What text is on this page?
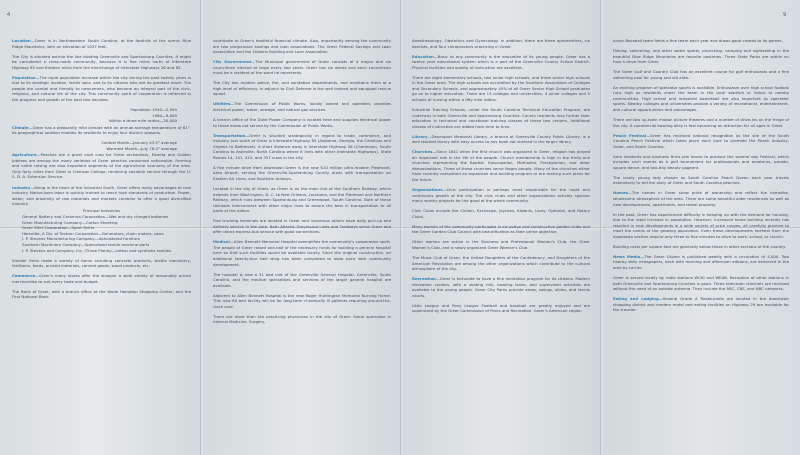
4	9

Location—Greer is in Northwestern South Carolina, at the foothills of the scenic Blue Ridge Mountains, with an elevation of 1037 feet.

The City is situated astride the line dividing Greenville and Spartanburg Counties. It might be considered a cross-roads community, because it is five miles north of Interstate Highway 85 and thirteen miles from the interchange of Interstate Highways 26 and 85.

Population—The rapid population increase within the city during the past twenty years is due to its strategic location, fertile soils, and to its citizens who are its greatest asset. The people are cordial and friendly to newcomers, who become an integral part of the civic, religious, and cultural life of the city. This community spirit of cooperation is reflected in the progress and growth of the past two decades.

Population 1940—2,940
1960—9,000
Within a three mile radius—20,000

Climate—Greer has a pleasantly mild climate with an annual average temperature of 61°. Its geographical location enables its residents to enjoy four distinct seasons.

Coldest Month—January 43.5° average
Warmest Month—July 78.4° average

Agriculture—Peaches are a great cash crop for Greer orchardists. Elberta and Golden Jubilees are among the many varieties of Greer peaches consumed nationwide. Farming and cattle raising are also important segments of the agricultural economy of the area. Only forty miles from Greer is Clemson College, rendering valuable service through the U. S. D. A. Extension Service.

Industry—Being in the heart of the Industrial South, Greer offers many advantages to new industry. Native-born labor is quickly trained to reach high standards of production. Power, water, and proximity of raw materials and markets combine to offer a good diversified industry.

Principal Industries

General Battery and Ceramics Corporation—Wet and dry charged batteries
Greer Manufacturing Company—Cotton Sheeting
Greer Shirt Corporation—Sport Shirts
Homelite, A Div. of Textron Corporation—Generators, chain motors, saws
J. P. Stevens Manufacturing Company—Upholstered furniture
Southern Machinery Company—Specialized textile machine parts
J. P. Stevens and Company, Inc. (Three Plants)—cotton and synthetic textiles

Smaller firms make a variety of items including concrete products, textile machinery, fertilizers, feeds, printed materials, canned goods, wood products, etc.

Commerce—Greer's many stores offer the shopper a wide variety of reasonably priced merchandise to suit every taste and budget.

The Bank of Greer, with a branch office at the Wade Hampton Shopping Center, and the First National Bank

contribute to Greer's healthful financial climate. Also, importantly serving the community are two progressive savings and loan associations. The Greer Federal Savings and Loan Association and the Citizens Building and Loan Association.

City Government—The Municipal government of Greer consists of a mayor and six councilmen elected at large every two years. Greer has six wards and each councilman must be a resident of the ward he represents.

The City has modern police, fire, and sanitation departments, and maintains them at a high level of efficiency. In adjunct to Civil Defense is the well trained and equipped rescue squad.

Utilities—The Commission of Public Works, locally owned and operated, provides electrical power, water, sewage, and natural gas services.

A branch office of the Duke Power Company is located here and supplies electrical power to those areas not served by the Commission of Public Works.

Transportation—Greer is situated strategically in regard to trade, commerce, and industry. Just south of Greer is Interstate Highway 85 (Alabama, Georgia, the Carolinas and Virginia to Baltimore). A short distance away is Interstate Highway 26 (Charleston, South Carolina to Asheville, North Carolina where it links with other Interstate Highways). State Routes 14, 101, 415, and 357 cross in the city.

A five minute drive from downtown Greer is the new $10 million ultra-modern Piedmont-Area Airport, serving the Greenville-Spartanburg County areas with transportation on Eastern Air Lines, and Southern Airways.

Located in the city of Greer, as Greer is on the main line of the Southern Railway, which extends from Washington, D. C. to New Orleans, Louisiana, and the Piedmont and Northern Railway, which runs between Spartanburg and Greenwood, South Carolina. Both of these railroads interconnect with other major lines to assure the best in transportation to all parts of the nation.

Five trucking terminals are located in Greer and numerous others have daily pick-up and delivery service in the area. Both Atlantic Greyhound Lines and Trailways serve Greer and offer direct express bus service with good connections.

Medical—Allen Bennett Memorial Hospital exemplifies the community's cooperative spirit. The people of Greer raised one-half of the necessary funds for building a general hospital here so that such facilities would be available locally. Since the original construction, an additional twenty-four bed wing has been completed to keep pace with community development.

The hospital is now a 51 bed unit of the Greenville General Hospital, Greenville, South Carolina, and the medical specialities and services of the larger general hospital are available.

Adjacent to Allen Bennett Hospital is the new Roger Huntington Memorial Nursing Home. This new 60 bed facility will be for long-term chronically ill patients requiring around-the-clock care.

There are more than ten practicing physicians in the city of Greer. Some specialize in internal Medicine, Surgery,

Anesthesiology, Obstetrics and Gynecology. In addition, there are three optometrists, six dentists, and four chiropractors practicing in Greer.

Education—Basic to any community is the education of its young people. Greer has a twelve year educational system which is a part of the Greenville County School District. Physical facilities and quality of instruction are excellent.

There are eight elementary schools, two junior high schools, and three senior high schools in the Greer area. The high schools are accredited by the Southern Association of Colleges and Secondary Schools, and approximately 45% of all Greer Senior High School graduates go on to higher education. There are 13 colleges and universities, 4 junior colleges and 5 schools of nursing within a fifty mile radius.

Industrial Training Schools, under the South Carolina Technical Education Program, are underway in both Greenville and Spartanburg Counties. County residents may further their education in technical and vocational training classes at these two centers. Additional classes of instruction are added from time to time.

Library—Davenport Memorial Library, a branch of Greenville County Public Library, is a well stocked library with easy access to any book not shelved in the larger library.

Churches—Since 1841 when the first church was organized in Greer, religion has played an important role in the life of the people. Church membership is high in the thirty-one churches representing the Baptist, Episcopalian, Methodist, Presbyterian, and other denominations. Three of these churches serve Negro people. Many of the churches either have recently completed an expansion and building program or are making such plans for the future.

Organizations—Civic participation is perhaps most responsible for the rapid and continuous growth of the city. The civic clubs and other organizations actively sponsor many worthy projects for the good of the whole community.

Civic Clubs include the Civitan, Exchange, Jaycees, Kiwanis, Lions, Optimist, and Rotary Clubs.

Many women of the community participate in six active and constructive garden clubs and the Greer Garden Club Council with beautification as their prime objective.

Other women are active in the Business and Professional Women's Club, the Greer Women's Club, and a newly organized Greer Woman's Club.

The Music Club of Greer, the United Daughters of the Confederacy, and Daughters of the American Revolution are among the other organizations which contribute to the cultural atmosphere of the city.

Recreation—Greer is fortunate to have a fine recreation program for its citizens. Modern recreation centers, with a skating rink, bowling lanes, and supervised activities are available to the young people. Greer City Parks provide areas, swings, slides, and tennis courts.

Little League and Pony League Football and baseball are greatly enjoyed and are supervised by the Greer Commission of Parks and Recreation. Greer's American Legion

Junior Baseball team fields a fine team each year and draws good crowds to its games.

Fishing, swimming, and other water sports, picnicking, camping and sightseeing in the beautiful Blue Ridge Mountains are favorite pastimes. Three State Parks are within an hour's drive from Greer.

The Greer Golf and Country Club has an excellent course for golf enthusiasts and a fine swimming pool for young and old alike.

An exciting program of spectator sports is available. Enthusiasm over high school football runs high as residents cheer the team in the local stadium or follow to nearby communities. High school and industrial basketball are also important as spectator sports. Nearby colleges and universities provide a variety of recreational, entertainment, and cultural opportunities and advantages.

There are two up-town motion picture theatres and a number of drive-ins on the fringe of the city. A commercial bowling alley is fast becoming an attraction for all ages in Greer.

Peach Festival—Greer has received national recognition as the site of the South Carolina Peach Festival which takes place each June to promote the Peach Industry, Greer, and South Carolina.

Area residents and business firms join forces to produce the several day Festival, which includes such events as a golf tournament for professionals and amateurs, parade, square dance, and two-day beauty pageant.

The lovely young lady chosen as South Carolina Peach Queen each year travels extensively to tell the story of Greer and South Carolina peaches.

Homes—The homes in Greer show pride of ownership and reflect the homelike, wholesome atmosphere of the area. There are some beautiful older residences as well as new developments, apartments, and rental property.

In the past, Greer has experienced difficulty in keeping up with the demand for housing, due to the rapid increase in population. However, increased home building recently has resulted in new developments in a wide variety of price ranges, all carefully planned to meet the needs of the growing population. Even these developments farthest from the downtown section require only three to five minutes to drive to work, school, or church.

Building costs per square foot are generally below those in other sections of the country.

News Media—The Greer Citizen is published weekly with a circulation of 4,000. Two nearby daily newspapers, each with morning and afternoon editions, are delivered in the area by carrier.

Greer is served locally by radio stations WCKI and WEAB. Reception of other stations in both Greenville and Spartanburg Counties is good. Three television channels are received without the need of an outside antenna. They include the ABC, CBS, and NBC networks.

Eating and Lodging—Several Grade A Restaurants are located in the downtown shopping district and modern motel and eating facilities on Highway 29 are available for the traveler.
